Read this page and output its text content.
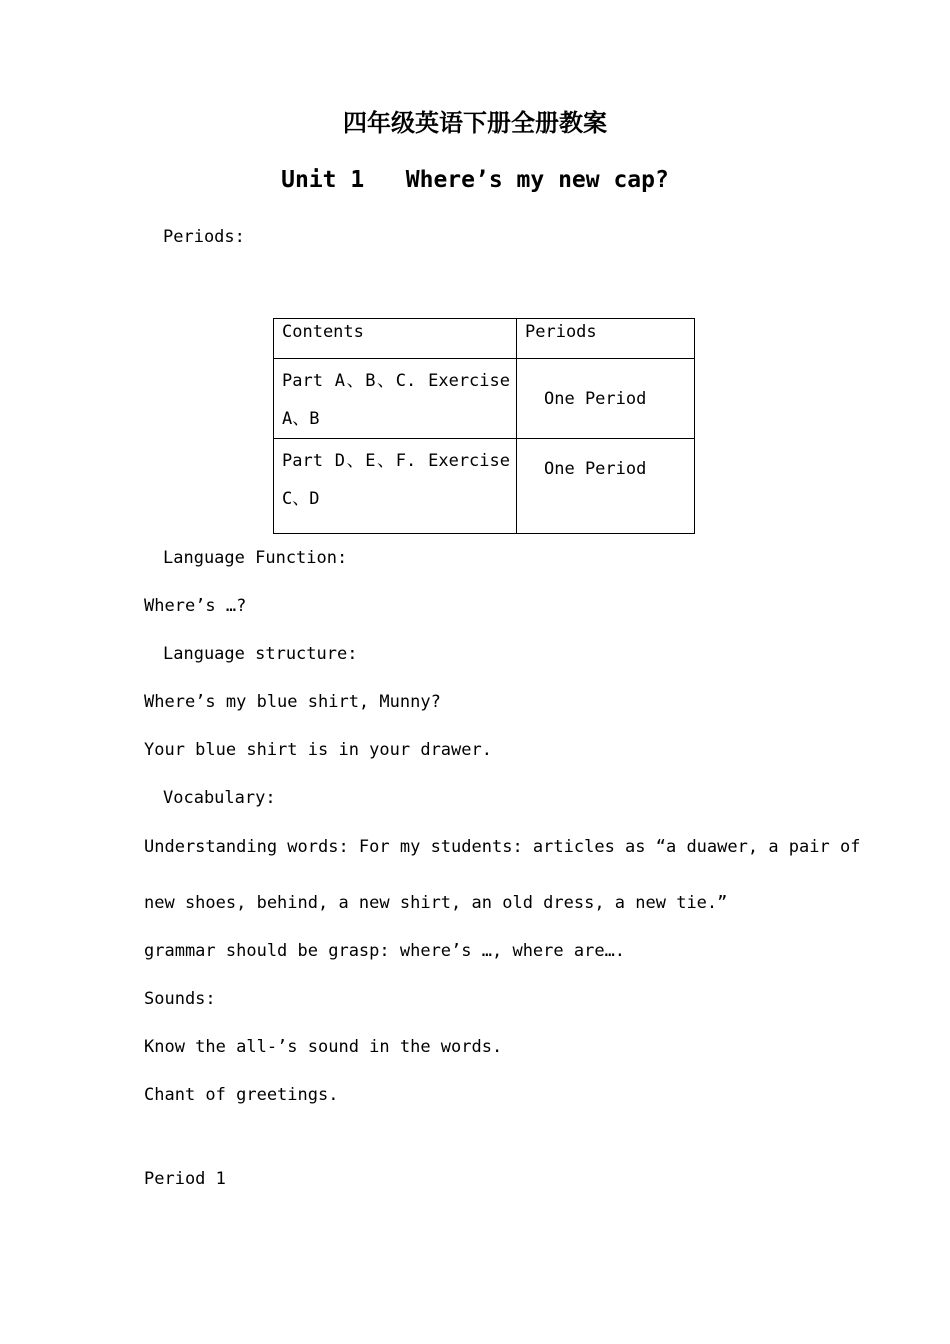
四年级英语下册全册教案
Unit 1   Where’s my new cap?
Periods:
Contents	Periods
Part A、B、C. Exercise A、B	One Period
Part D、E、F. Exercise C、D	One Period
Language Function:
Where’s …?
Language structure:
Where’s my blue shirt, Munny?
Your blue shirt is in your drawer.
Vocabulary:
Understanding words: For my students: articles as “a duawer, a pair of
new shoes, behind, a new shirt, an old dress, a new tie.”
grammar should be grasp: where’s …, where are….
Sounds:
Know the all-’s sound in the words.
Chant of greetings.
Period 1
